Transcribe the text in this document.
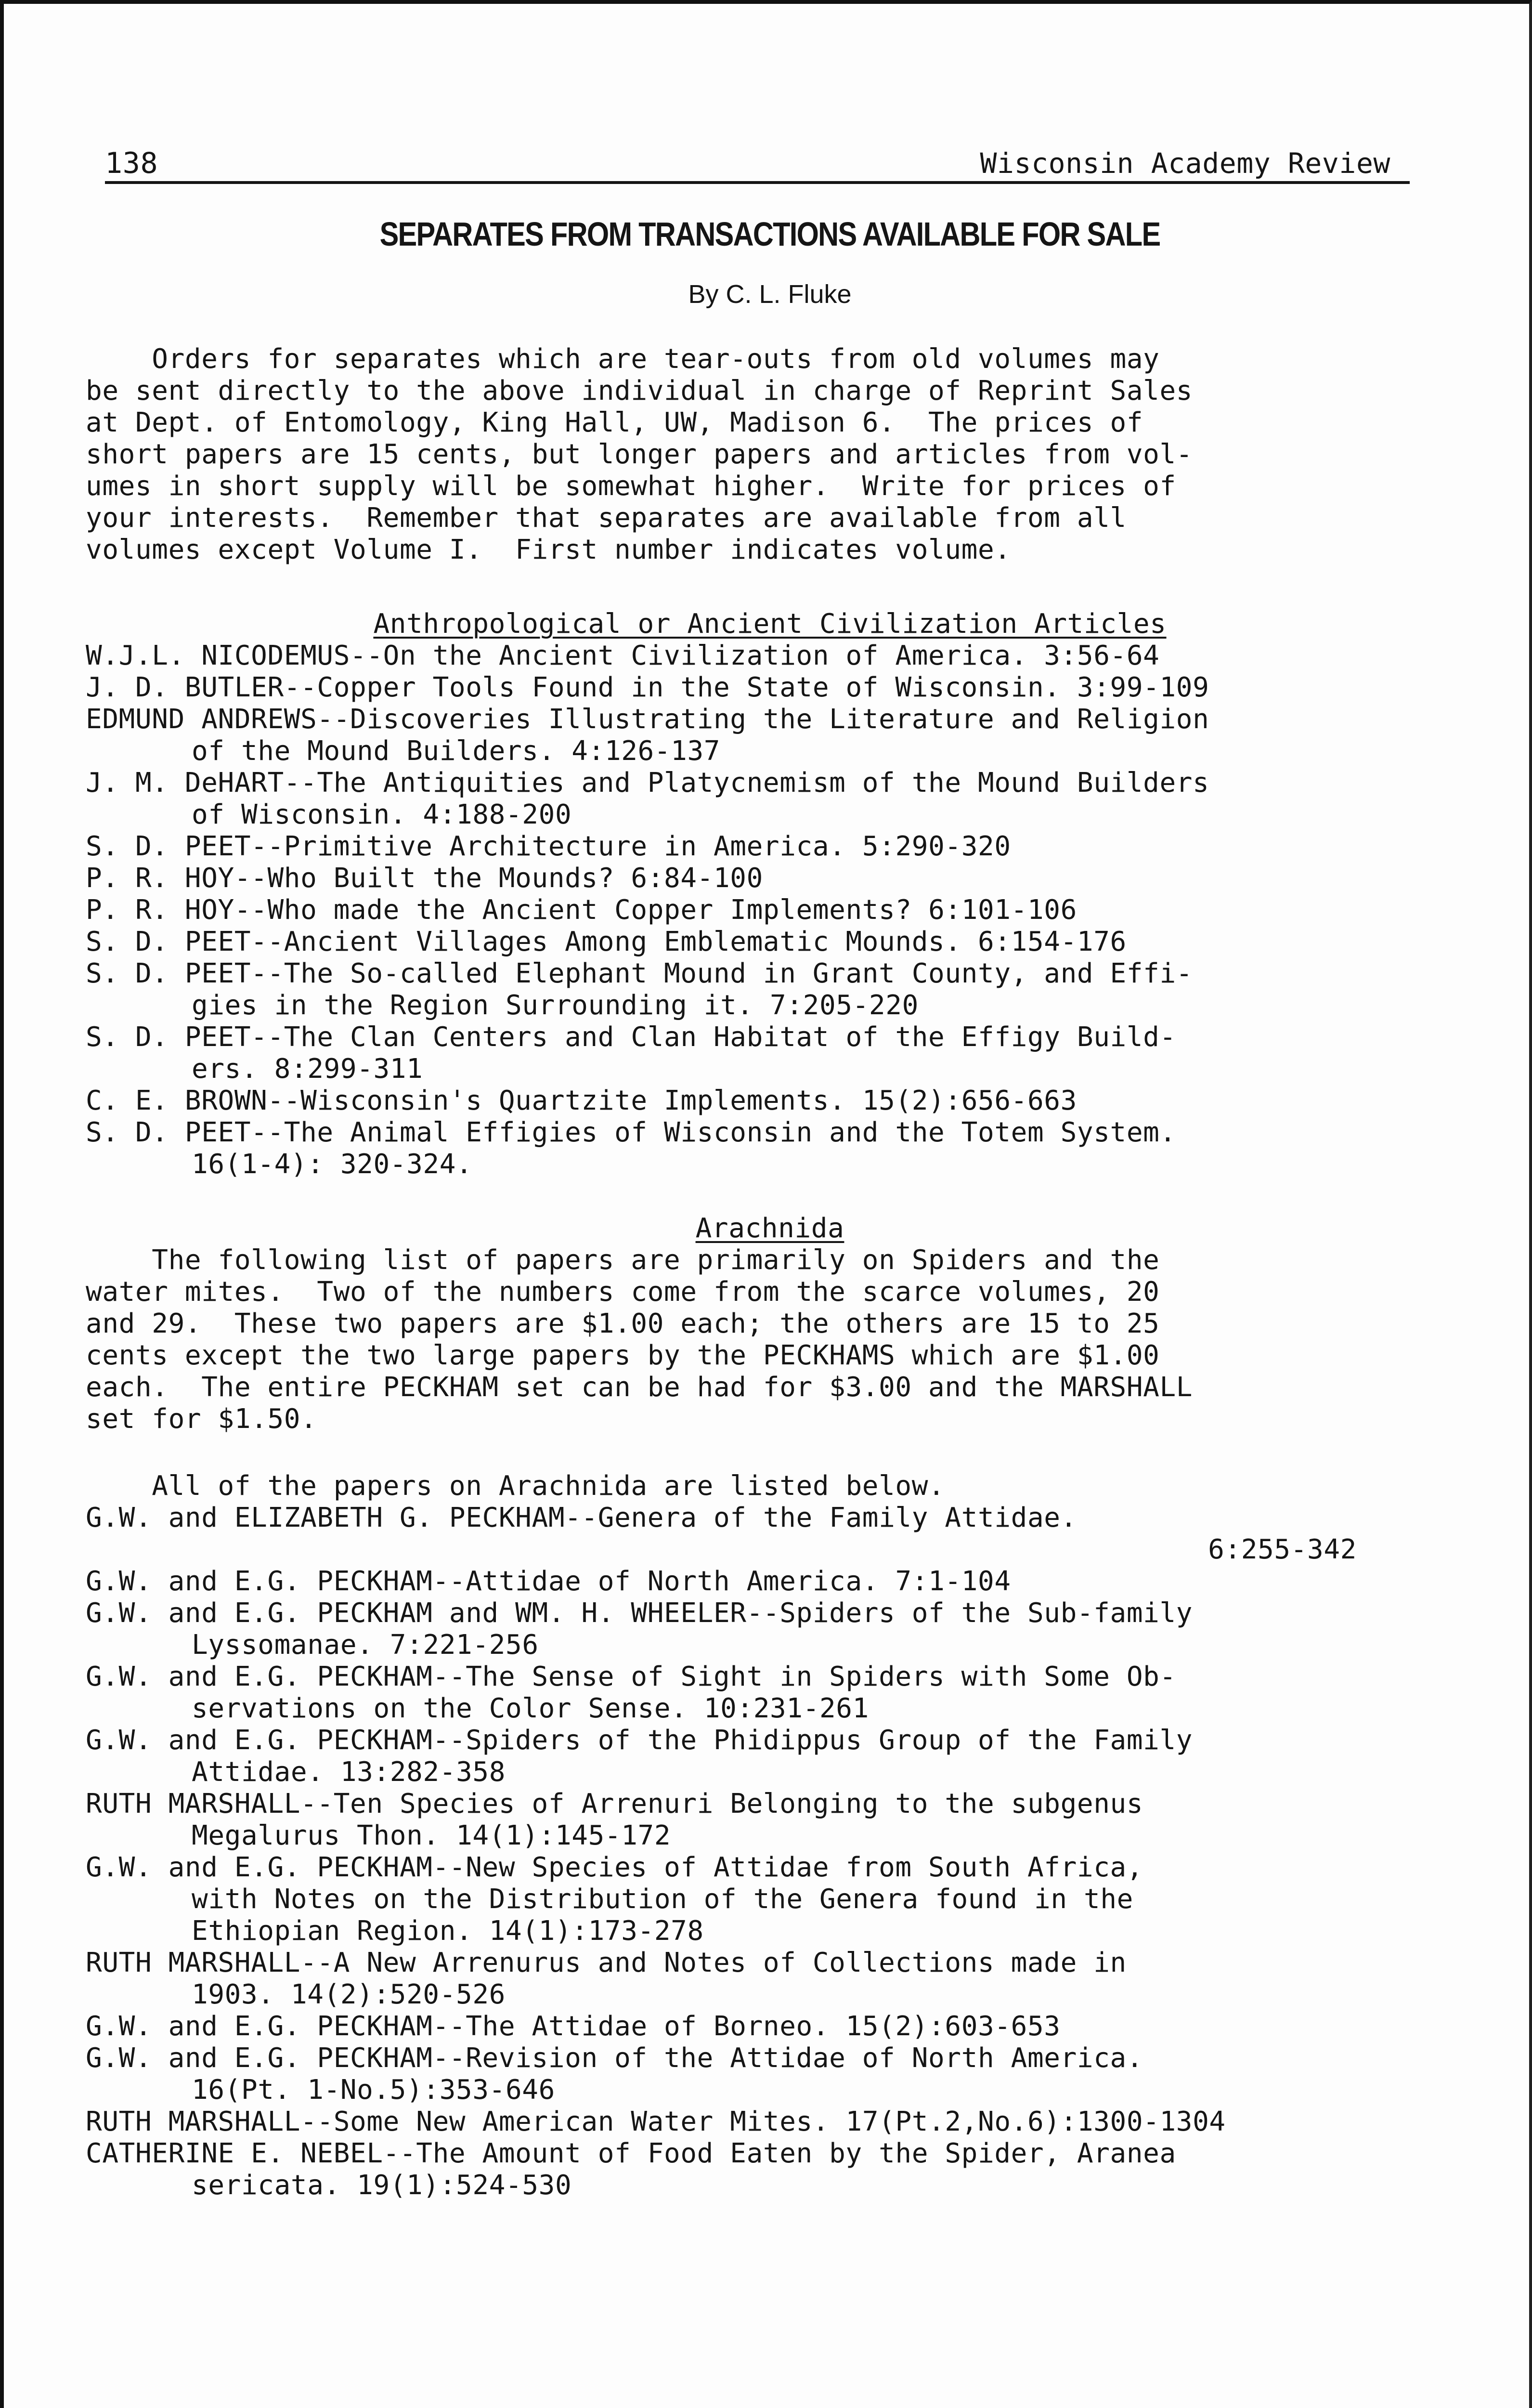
138	Wisconsin Academy Review
SEPARATES FROM TRANSACTIONS AVAILABLE FOR SALE
By C. L. Fluke

Orders for separates which are tear-outs from old volumes may
be sent directly to the above individual in charge of Reprint Sales
at Dept. of Entomology, King Hall, UW, Madison 6.  The prices of
short papers are 15 cents, but longer papers and articles from vol-
umes in short supply will be somewhat higher.  Write for prices of
your interests.  Remember that separates are available from all
volumes except Volume I.  First number indicates volume.

Anthropological or Ancient Civilization Articles
W.J.L. NICODEMUS--On the Ancient Civilization of America. 3:56-64
J. D. BUTLER--Copper Tools Found in the State of Wisconsin. 3:99-109
EDMUND ANDREWS--Discoveries Illustrating the Literature and Religion
of the Mound Builders. 4:126-137
J. M. DeHART--The Antiquities and Platycnemism of the Mound Builders
of Wisconsin. 4:188-200
S. D. PEET--Primitive Architecture in America. 5:290-320
P. R. HOY--Who Built the Mounds? 6:84-100
P. R. HOY--Who made the Ancient Copper Implements? 6:101-106
S. D. PEET--Ancient Villages Among Emblematic Mounds. 6:154-176
S. D. PEET--The So-called Elephant Mound in Grant County, and Effi-
gies in the Region Surrounding it. 7:205-220
S. D. PEET--The Clan Centers and Clan Habitat of the Effigy Build-
ers. 8:299-311
C. E. BROWN--Wisconsin's Quartzite Implements. 15(2):656-663
S. D. PEET--The Animal Effigies of Wisconsin and the Totem System.
16(1-4): 320-324.
Arachnida

The following list of papers are primarily on Spiders and the
water mites.  Two of the numbers come from the scarce volumes, 20
and 29.  These two papers are $1.00 each; the others are 15 to 25
cents except the two large papers by the PECKHAMS which are $1.00
each.  The entire PECKHAM set can be had for $3.00 and the MARSHALL
set for $1.50.

All of the papers on Arachnida are listed below.

G.W. and ELIZABETH G. PECKHAM--Genera of the Family Attidae.
6:255-342
G.W. and E.G. PECKHAM--Attidae of North America. 7:1-104
G.W. and E.G. PECKHAM and WM. H. WHEELER--Spiders of the Sub-family
Lyssomanae. 7:221-256
G.W. and E.G. PECKHAM--The Sense of Sight in Spiders with Some Ob-
servations on the Color Sense. 10:231-261
G.W. and E.G. PECKHAM--Spiders of the Phidippus Group of the Family
Attidae. 13:282-358
RUTH MARSHALL--Ten Species of Arrenuri Belonging to the subgenus
Megalurus Thon. 14(1):145-172
G.W. and E.G. PECKHAM--New Species of Attidae from South Africa,
with Notes on the Distribution of the Genera found in the
Ethiopian Region. 14(1):173-278
RUTH MARSHALL--A New Arrenurus and Notes of Collections made in
1903. 14(2):520-526
G.W. and E.G. PECKHAM--The Attidae of Borneo. 15(2):603-653
G.W. and E.G. PECKHAM--Revision of the Attidae of North America.
16(Pt. 1-No.5):353-646
RUTH MARSHALL--Some New American Water Mites. 17(Pt.2,No.6):1300-1304
CATHERINE E. NEBEL--The Amount of Food Eaten by the Spider, Aranea
sericata. 19(1):524-530
